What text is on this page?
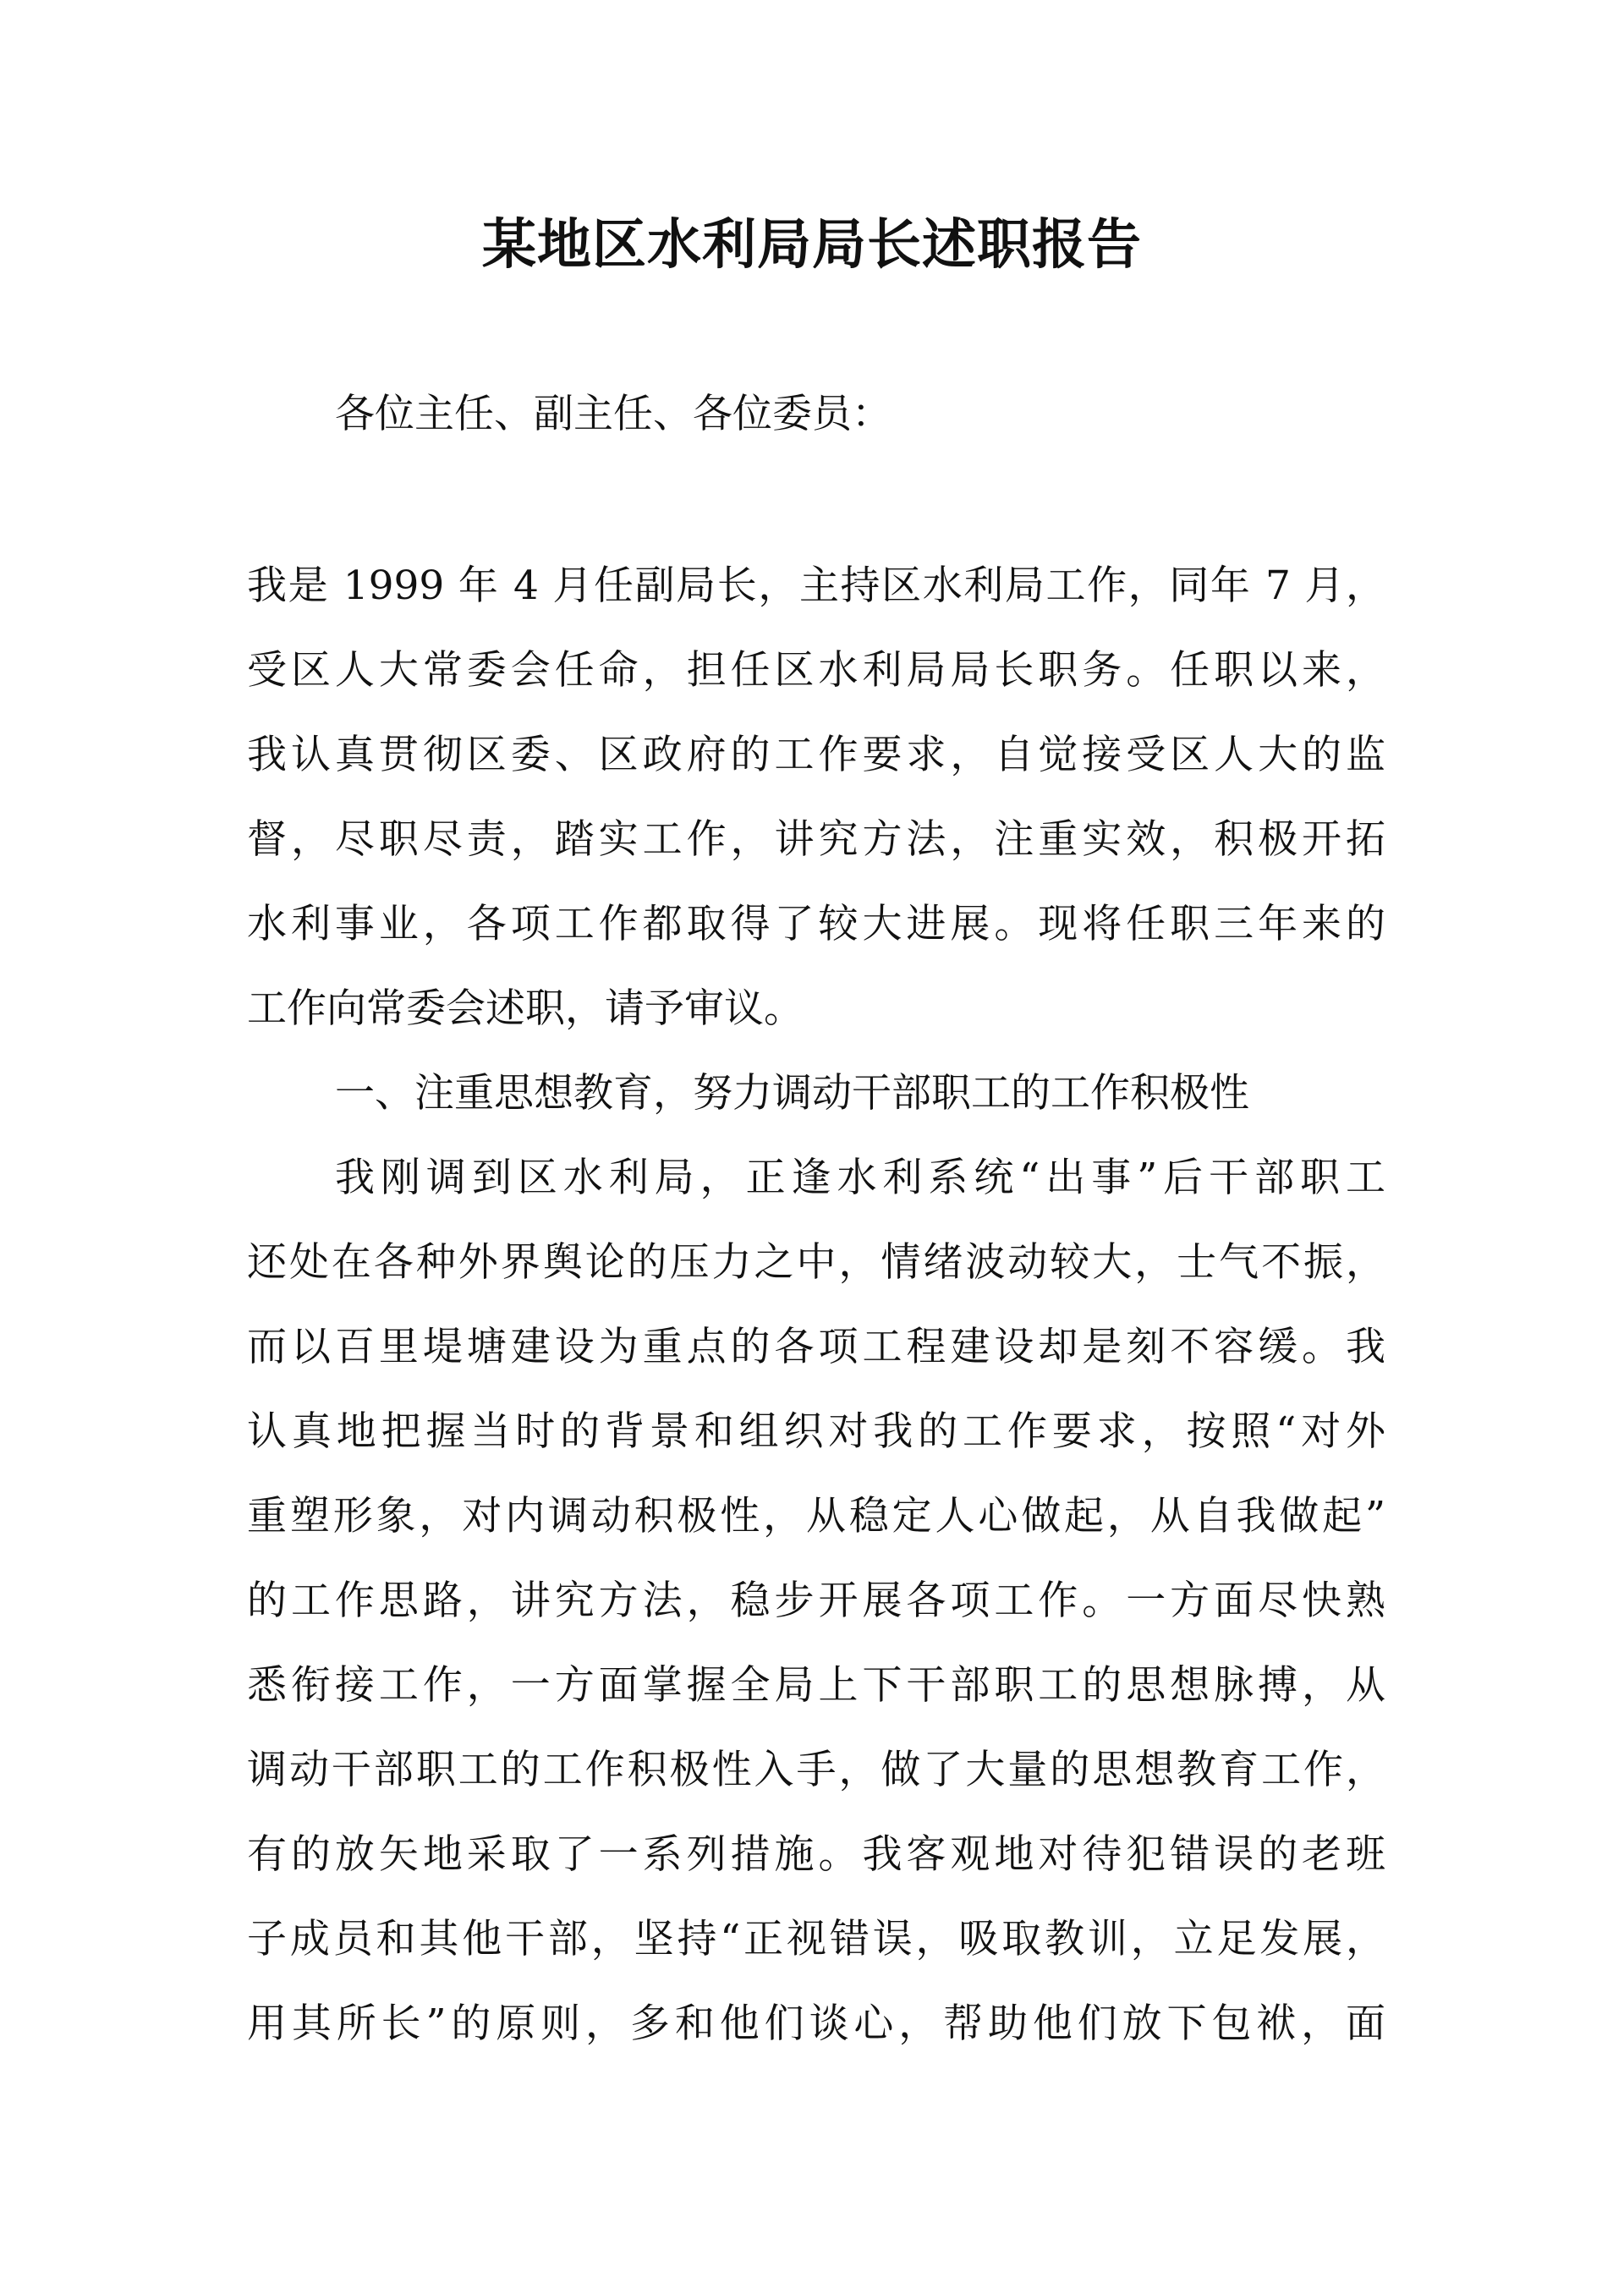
某地区水利局局长述职报告

各位主任、副主任、各位委员：

我是 1999 年 4 月任副局长，主持区水利局工作，同年 7 月，

受区人大常委会任命，担任区水利局局长职务。任职以来，

我认真贯彻区委、区政府的工作要求，自觉接受区人大的监

督，尽职尽责，踏实工作，讲究方法，注重实效，积极开拓

水利事业，各项工作都取得了较大进展。现将任职三年来的

工作向常委会述职，请予审议。

一、注重思想教育，努力调动干部职工的工作积极性

我刚调到区水利局，正逢水利系统“出事”后干部职工

还处在各种外界舆论的压力之中，情绪波动较大，士气不振，

而以百里堤塘建设为重点的各项工程建设却是刻不容缓。我

认真地把握当时的背景和组织对我的工作要求，按照“对外

重塑形象，对内调动积极性，从稳定人心做起，从自我做起”

的工作思路，讲究方法，稳步开展各项工作。一方面尽快熟

悉衔接工作，一方面掌握全局上下干部职工的思想脉搏，从

调动干部职工的工作积极性入手，做了大量的思想教育工作，

有的放矢地采取了一系列措施。我客观地对待犯错误的老班

子成员和其他干部，坚持“正视错误，吸取教训，立足发展，

用其所长”的原则，多和他们谈心，帮助他们放下包袱，面
